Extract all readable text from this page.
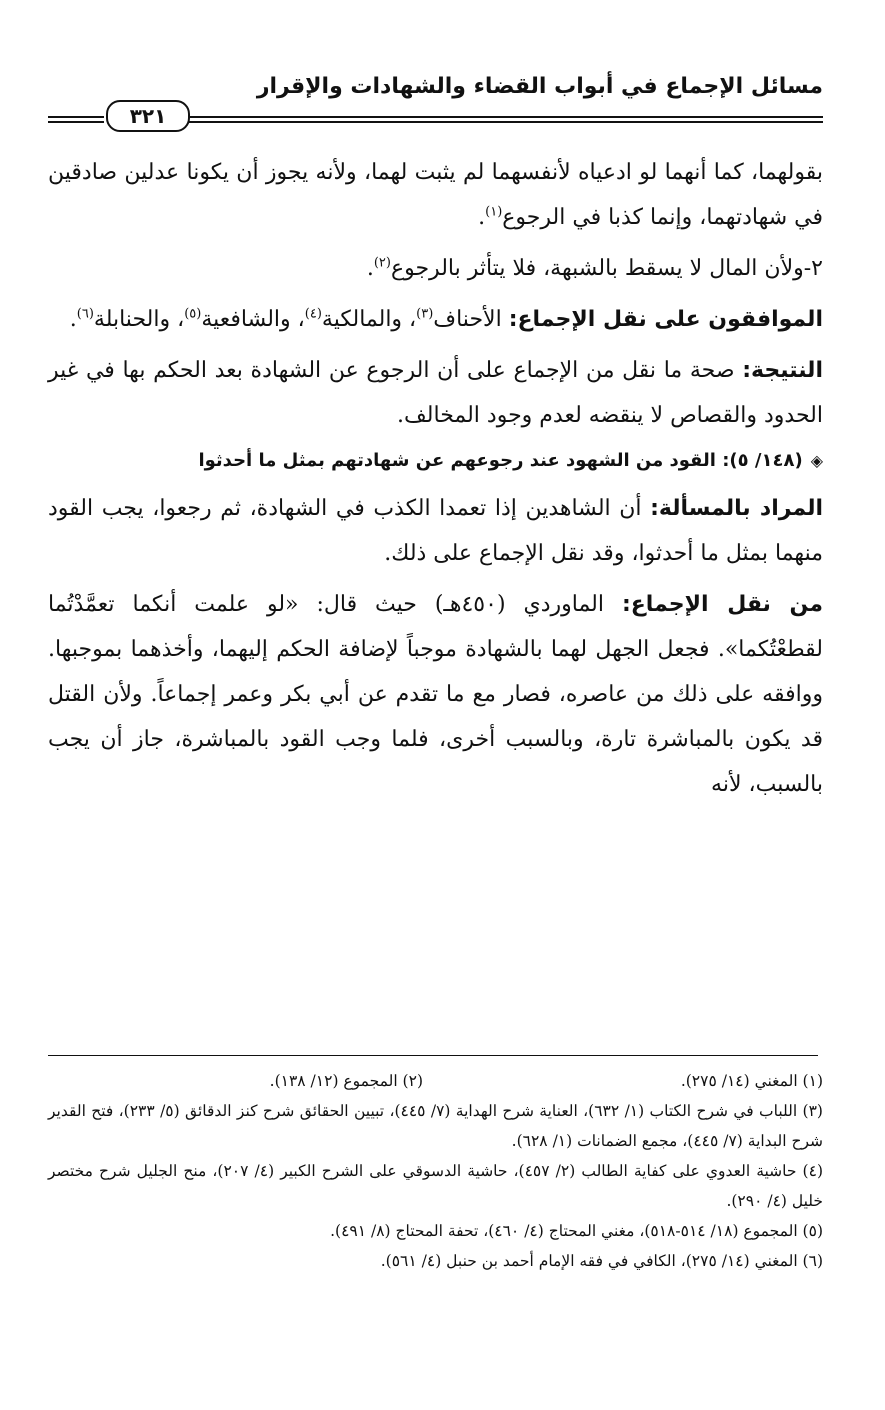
مسائل الإجماع في أبواب القضاء والشهادات والإقرار
٣٢١

بقولهما، كما أنهما لو ادعياه لأنفسهما لم يثبت لهما، ولأنه يجوز أن يكونا عدلين صادقين في شهادتهما، وإنما كذبا في الرجوع$^{(١)}$.

٢-ولأن المال لا يسقط بالشبهة، فلا يتأثر بالرجوع$^{(٢)}$.

الموافقون على نقل الإجماع: الأحناف$^{(٣)}$، والمالكية$^{(٤)}$، والشافعية$^{(٥)}$، والحنابلة$^{(٦)}$.

النتيجة: صحة ما نقل من الإجماع على أن الرجوع عن الشهادة بعد الحكم بها في غير الحدود والقصاص لا ينقضه لعدم وجود المخالف.

◈(١٤٨/ ٥): القود من الشهود عند رجوعهم عن شهادتهم بمثل ما أحدثوا

المراد بالمسألة: أن الشاهدين إذا تعمدا الكذب في الشهادة، ثم رجعوا، يجب القود منهما بمثل ما أحدثوا، وقد نقل الإجماع على ذلك.

من نقل الإجماع: الماوردي (٤٥٠هـ) حيث قال: «لو علمت أنكما تعمَّدْتُما لقطعْتُكما». فجعل الجهل لهما بالشهادة موجباً لإضافة الحكم إليهما، وأخذهما بموجبها. ووافقه على ذلك من عاصره، فصار مع ما تقدم عن أبي بكر وعمر إجماعاً. ولأن القتل قد يكون بالمباشرة تارة، وبالسبب أخرى، فلما وجب القود بالمباشرة، جاز أن يجب بالسبب، لأنه

(١) المغني (١٤/ ٢٧٥).

(٢) المجموع (١٢/ ١٣٨).

(٣) اللباب في شرح الكتاب (١/ ٦٣٢)، العناية شرح الهداية (٧/ ٤٤٥)، تبيين الحقائق شرح كنز الدقائق (٥/ ٢٣٣)، فتح القدير شرح البداية (٧/ ٤٤٥)، مجمع الضمانات (١/ ٦٢٨).

(٤) حاشية العدوي على كفاية الطالب (٢/ ٤٥٧)، حاشية الدسوقي على الشرح الكبير (٤/ ٢٠٧)، منح الجليل شرح مختصر خليل (٤/ ٢٩٠).

(٥) المجموع (١٨/ ٥١٤-٥١٨)، مغني المحتاج (٤/ ٤٦٠)، تحفة المحتاج (٨/ ٤٩١).

(٦) المغني (١٤/ ٢٧٥)، الكافي في فقه الإمام أحمد بن حنبل (٤/ ٥٦١).
